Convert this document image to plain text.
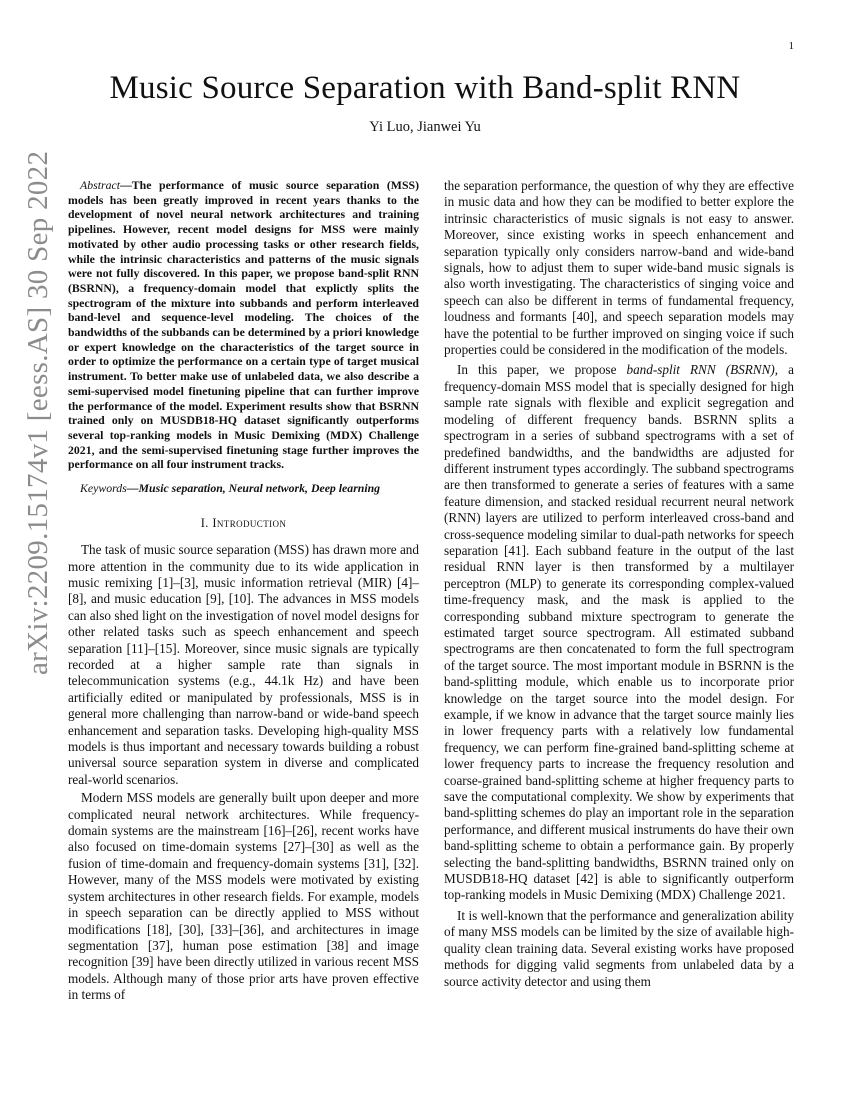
1
arXiv:2209.15174v1 [eess.AS] 30 Sep 2022
Music Source Separation with Band-split RNN
Yi Luo, Jianwei Yu

Abstract—The performance of music source separation (MSS) models has been greatly improved in recent years thanks to the development of novel neural network architectures and training pipelines. However, recent model designs for MSS were mainly motivated by other audio processing tasks or other research fields, while the intrinsic characteristics and patterns of the music signals were not fully discovered. In this paper, we propose band-split RNN (BSRNN), a frequency-domain model that explictly splits the spectrogram of the mixture into subbands and perform interleaved band-level and sequence-level modeling. The choices of the bandwidths of the subbands can be determined by a priori knowledge or expert knowledge on the characteristics of the target source in order to optimize the performance on a certain type of target musical instrument. To better make use of unlabeled data, we also describe a semi-supervised model finetuning pipeline that can further improve the performance of the model. Experiment results show that BSRNN trained only on MUSDB18-HQ dataset significantly outperforms several top-ranking models in Music Demixing (MDX) Challenge 2021, and the semi-supervised finetuning stage further improves the performance on all four instrument tracks.

Keywords—Music separation, Neural network, Deep learning

I. Introduction

The task of music source separation (MSS) has drawn more and more attention in the community due to its wide application in music remixing [1]–[3], music information retrieval (MIR) [4]–[8], and music education [9], [10]. The advances in MSS models can also shed light on the investigation of novel model designs for other related tasks such as speech enhancement and speech separation [11]–[15]. Moreover, since music signals are typically recorded at a higher sample rate than signals in telecommunication systems (e.g., 44.1k Hz) and have been artificially edited or manipulated by professionals, MSS is in general more challenging than narrow-band or wide-band speech enhancement and separation tasks. Developing high-quality MSS models is thus important and necessary towards building a robust universal source separation system in diverse and complicated real-world scenarios.

Modern MSS models are generally built upon deeper and more complicated neural network architectures. While frequency-domain systems are the mainstream [16]–[26], recent works have also focused on time-domain systems [27]–[30] as well as the fusion of time-domain and frequency-domain systems [31], [32]. However, many of the MSS models were motivated by existing system architectures in other research fields. For example, models in speech separation can be directly applied to MSS without modifications [18], [30], [33]–[36], and architectures in image segmentation [37], human pose estimation [38] and image recognition [39] have been directly utilized in various recent MSS models. Although many of those prior arts have proven effective in terms of

the separation performance, the question of why they are effective in music data and how they can be modified to better explore the intrinsic characteristics of music signals is not easy to answer. Moreover, since existing works in speech enhancement and separation typically only considers narrow-band and wide-band signals, how to adjust them to super wide-band music signals is also worth investigating. The characteristics of singing voice and speech can also be different in terms of fundamental frequency, loudness and formants [40], and speech separation models may have the potential to be further improved on singing voice if such properties could be considered in the modification of the models.

In this paper, we propose band-split RNN (BSRNN), a frequency-domain MSS model that is specially designed for high sample rate signals with flexible and explicit segregation and modeling of different frequency bands. BSRNN splits a spectrogram in a series of subband spectrograms with a set of predefined bandwidths, and the bandwidths are adjusted for different instrument types accordingly. The subband spectrograms are then transformed to generate a series of features with a same feature dimension, and stacked residual recurrent neural network (RNN) layers are utilized to perform interleaved cross-band and cross-sequence modeling similar to dual-path networks for speech separation [41]. Each subband feature in the output of the last residual RNN layer is then transformed by a multilayer perceptron (MLP) to generate its corresponding complex-valued time-frequency mask, and the mask is applied to the corresponding subband mixture spectrogram to generate the estimated target source spectrogram. All estimated subband spectrograms are then concatenated to form the full spectrogram of the target source. The most important module in BSRNN is the band-splitting module, which enable us to incorporate prior knowledge on the target source into the model design. For example, if we know in advance that the target source mainly lies in lower frequency parts with a relatively low fundamental frequency, we can perform fine-grained band-splitting scheme at lower frequency parts to increase the frequency resolution and coarse-grained band-splitting scheme at higher frequency parts to save the computational complexity. We show by experiments that band-splitting schemes do play an important role in the separation performance, and different musical instruments do have their own band-splitting scheme to obtain a performance gain. By properly selecting the band-splitting bandwidths, BSRNN trained only on MUSDB18-HQ dataset [42] is able to significantly outperform top-ranking models in Music Demixing (MDX) Challenge 2021.

It is well-known that the performance and generalization ability of many MSS models can be limited by the size of available high-quality clean training data. Several existing works have proposed methods for digging valid segments from unlabeled data by a source activity detector and using them
